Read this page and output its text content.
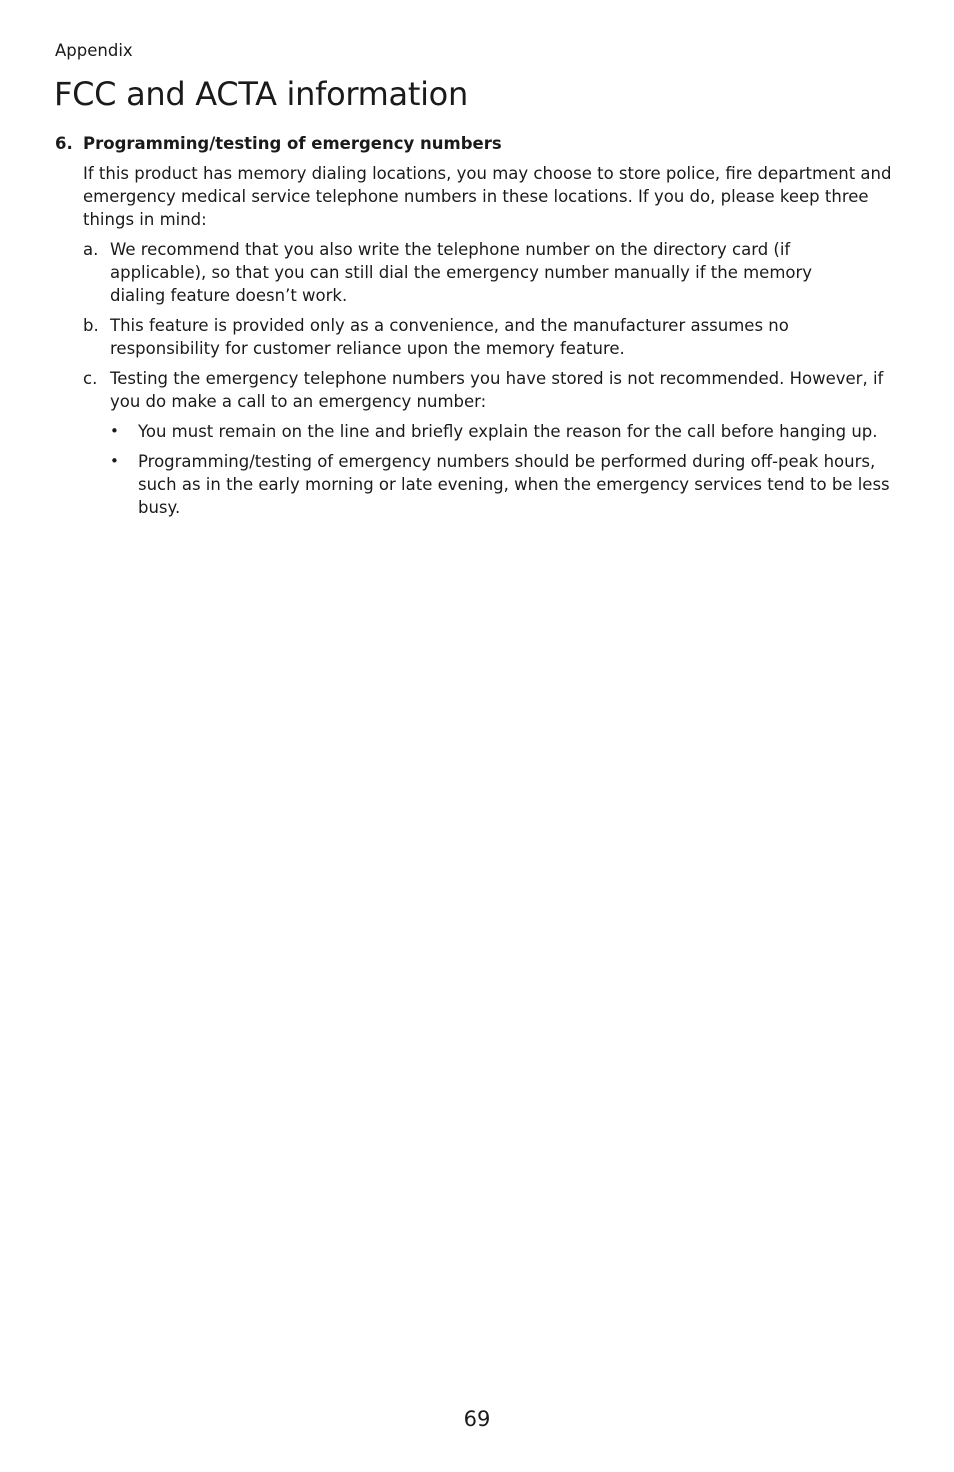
Appendix
FCC and ACTA information
6. Programming/testing of emergency numbers
If this product has memory dialing locations, you may choose to store police, fire department and emergency medical service telephone numbers in these locations. If you do, please keep three things in mind:
a. We recommend that you also write the telephone number on the directory card (if applicable), so that you can still dial the emergency number manually if the memory dialing feature doesn’t work.
b. This feature is provided only as a convenience, and the manufacturer assumes no responsibility for customer reliance upon the memory feature.
c. Testing the emergency telephone numbers you have stored is not recommended. However, if you do make a call to an emergency number:
•	You must remain on the line and briefly explain the reason for the call before hanging up.
•	Programming/testing of emergency numbers should be performed during off-peak hours, such as in the early morning or late evening, when the emergency services tend to be less busy.
69
